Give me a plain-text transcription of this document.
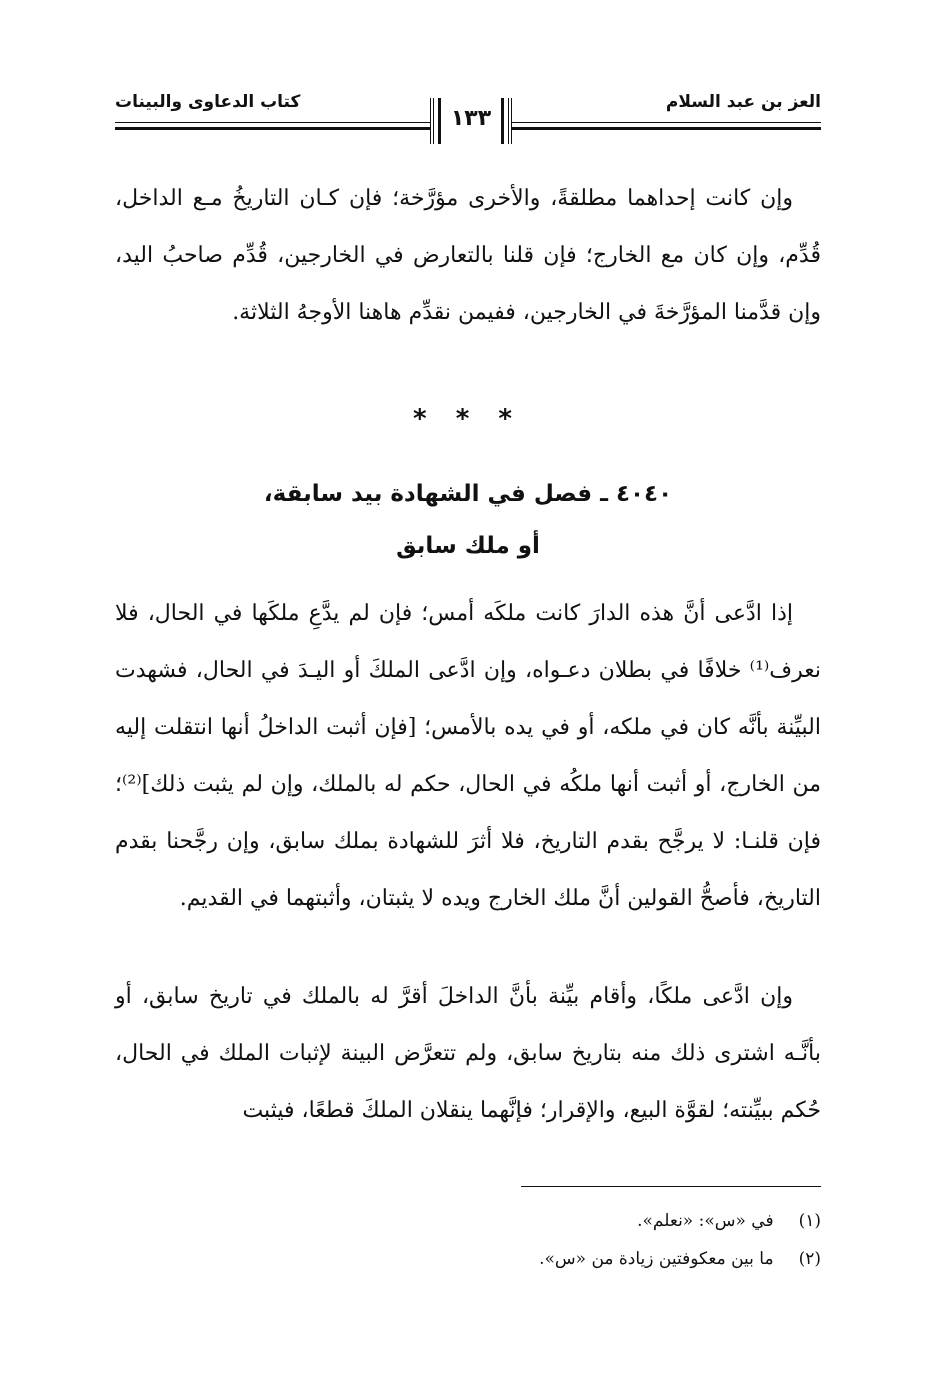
العز بن عبد السلام
كتاب الدعاوى والبينات
١٣٣

وإن كانت إحداهما مطلقةً، والأخرى مؤرَّخة؛ فإن كـان التاريخُ مـع الداخل، قُدِّم، وإن كان مع الخارج؛ فإن قلنا بالتعارض في الخارجين، قُدِّم صاحبُ اليد، وإن قدَّمنا المؤرَّخةَ في الخارجين، ففيمن نقدِّم هاهنا الأوجهُ الثلاثة.

* * *
٤٠٤٠ ـ فصل في الشهادة بيد سابقة،
أو ملك سابق

إذا ادَّعى أنَّ هذه الدارَ كانت ملكَه أمس؛ فإن لم يدَّعِ ملكَها في الحال، فلا نعرف⁽¹⁾ خلافًا في بطلان دعـواه، وإن ادَّعى الملكَ أو اليـدَ في الحال، فشهدت البيِّنة بأنَّه كان في ملكه، أو في يده بالأمس؛ [فإن أثبت الداخلُ أنها انتقلت إليه من الخارج، أو أثبت أنها ملكُه في الحال، حكم له بالملك، وإن لم يثبت ذلك]⁽²⁾؛ فإن قلنـا: لا يرجَّح بقدم التاريخ، فلا أثرَ للشهادة بملك سابق، وإن رجَّحنا بقدم التاريخ، فأصحُّ القولين أنَّ ملك الخارج ويده لا يثبتان، وأثبتهما في القديم.

وإن ادَّعى ملكًا، وأقام بيِّنة بأنَّ الداخلَ أقرَّ له بالملك في تاريخ سابق، أو بأنَّـه اشترى ذلك منه بتاريخ سابق، ولم تتعرَّض البينة لإثبات الملك في الحال، حُكم ببيِّنته؛ لقوَّة البيع، والإقرار؛ فإنَّهما ينقلان الملكَ قطعًا، فيثبت

(١) في «س»: «نعلم».
(٢) ما بين معكوفتين زيادة من «س».
